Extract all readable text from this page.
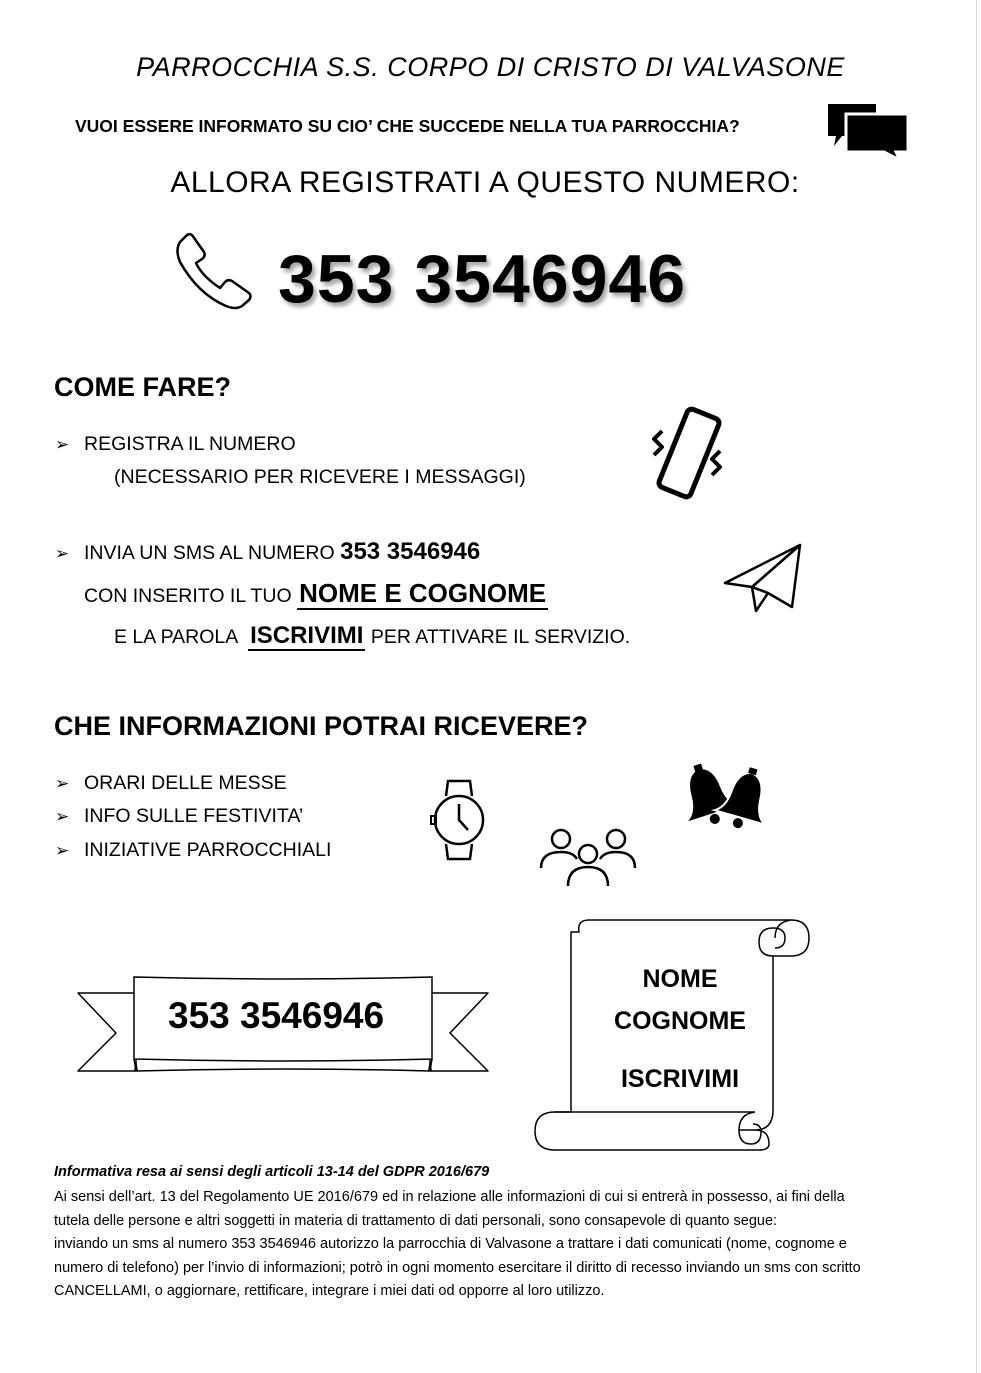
PARROCCHIA S.S. CORPO DI CRISTO DI VALVASONE
VUOI ESSERE INFORMATO SU CIO’ CHE SUCCEDE NELLA TUA PARROCCHIA?
ALLORA REGISTRATI A QUESTO NUMERO:
353 3546946
COME FARE?
➢ REGISTRA IL NUMERO
(NECESSARIO PER RICEVERE I MESSAGGI)
➢ INVIA UN SMS AL NUMERO 353 3546946
CON INSERITO IL TUO NOME E COGNOME
E LA PAROLA  ISCRIVIMI PER ATTIVARE IL SERVIZIO.
CHE INFORMAZIONI POTRAI RICEVERE?
➢ ORARI DELLE MESSE
➢ INFO SULLE FESTIVITA’
➢ INIZIATIVE PARROCCHIALI
353 3546946
NOME
COGNOME
ISCRIVIMI
Informativa resa ai sensi degli articoli 13-14 del GDPR 2016/679

Ai sensi dell’art. 13 del Regolamento UE 2016/679 ed in relazione alle informazioni di cui si entrerà in possesso, ai fini della

tutela delle persone e altri soggetti in materia di trattamento di dati personali, sono consapevole di quanto segue:

inviando un sms al numero 353 3546946 autorizzo la parrocchia di Valvasone a trattare i dati comunicati (nome, cognome e

numero di telefono) per l’invio di informazioni; potrò in ogni momento esercitare il diritto di recesso inviando un sms con scritto

CANCELLAMI, o aggiornare, rettificare, integrare i miei dati od opporre al loro utilizzo.
